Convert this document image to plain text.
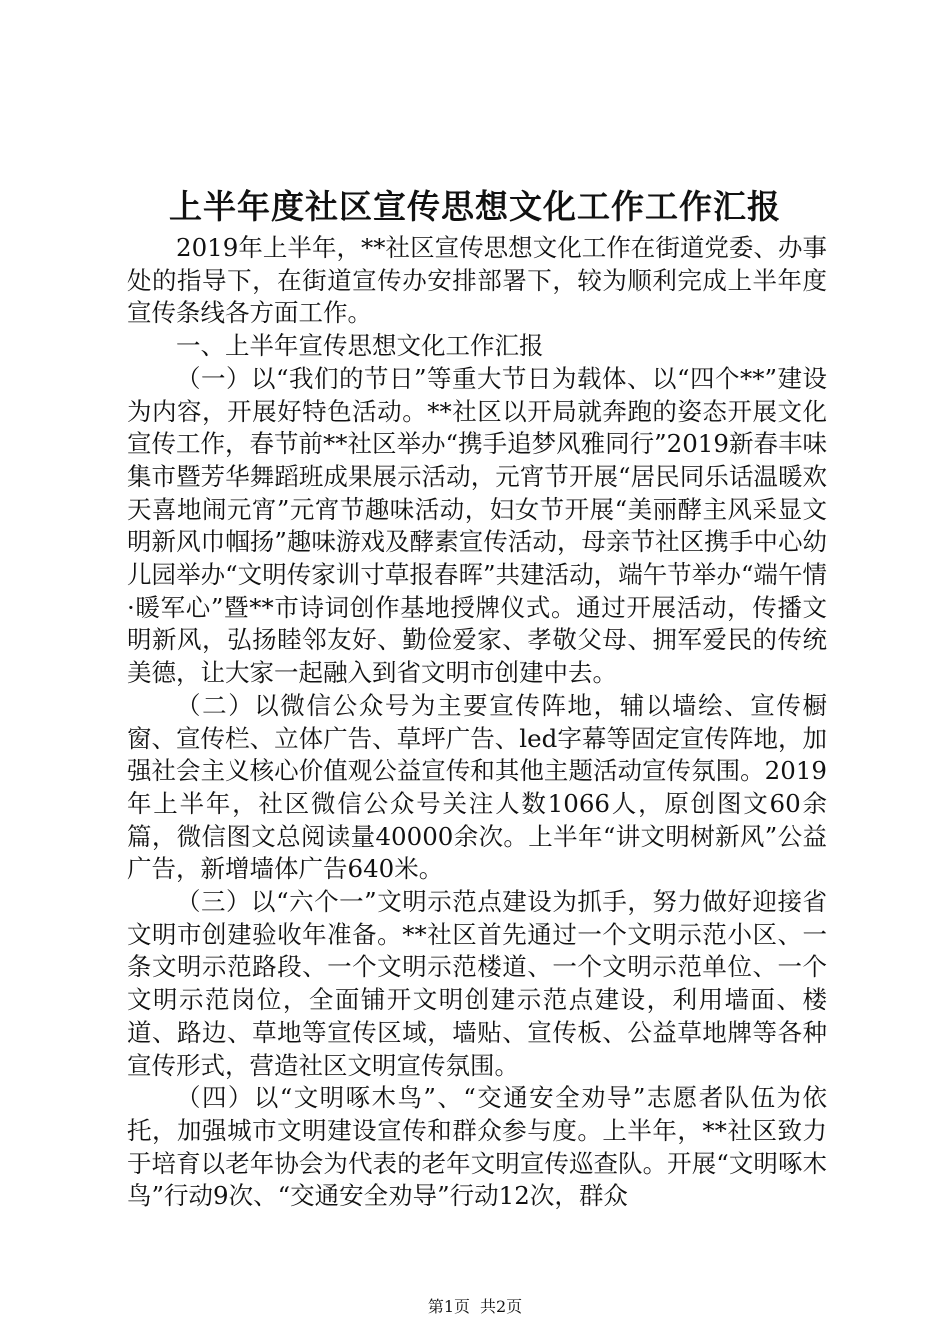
上半年度社区宣传思想文化工作工作汇报

2019年上半年，**社区宣传思想文化工作在街道党委、办事处的指导下，在街道宣传办安排部署下，较为顺利完成上半年度宣传条线各方面工作。

一、上半年宣传思想文化工作汇报

（一）以“我们的节日”等重大节日为载体、以“四个**”建设为内容，开展好特色活动。**社区以开局就奔跑的姿态开展文化宣传工作，春节前**社区举办“携手追梦风雅同行”2019新春丰味集市暨芳华舞蹈班成果展示活动，元宵节开展“居民同乐话温暖欢天喜地闹元宵”元宵节趣味活动，妇女节开展“美丽酵主风采显文明新风巾帼扬”趣味游戏及酵素宣传活动，母亲节社区携手中心幼儿园举办“文明传家训寸草报春晖”共建活动，端午节举办“端午情·暖军心”暨**市诗词创作基地授牌仪式。通过开展活动，传播文明新风，弘扬睦邻友好、勤俭爱家、孝敬父母、拥军爱民的传统美德，让大家一起融入到省文明市创建中去。

（二）以微信公众号为主要宣传阵地，辅以墙绘、宣传橱窗、宣传栏、立体广告、草坪广告、led字幕等固定宣传阵地，加强社会主义核心价值观公益宣传和其他主题活动宣传氛围。2019年上半年，社区微信公众号关注人数1066人，原创图文60余篇，微信图文总阅读量40000余次。上半年“讲文明树新风”公益广告，新增墙体广告640米。

（三）以“六个一”文明示范点建设为抓手，努力做好迎接省文明市创建验收年准备。**社区首先通过一个文明示范小区、一条文明示范路段、一个文明示范楼道、一个文明示范单位、一个文明示范岗位，全面铺开文明创建示范点建设，利用墙面、楼道、路边、草地等宣传区域，墙贴、宣传板、公益草地牌等各种宣传形式，营造社区文明宣传氛围。

（四）以“文明啄木鸟”、“交通安全劝导”志愿者队伍为依托，加强城市文明建设宣传和群众参与度。上半年，**社区致力于培育以老年协会为代表的老年文明宣传巡查队。开展“文明啄木鸟”行动9次、“交通安全劝导”行动12次，群众

第1页 共2页
